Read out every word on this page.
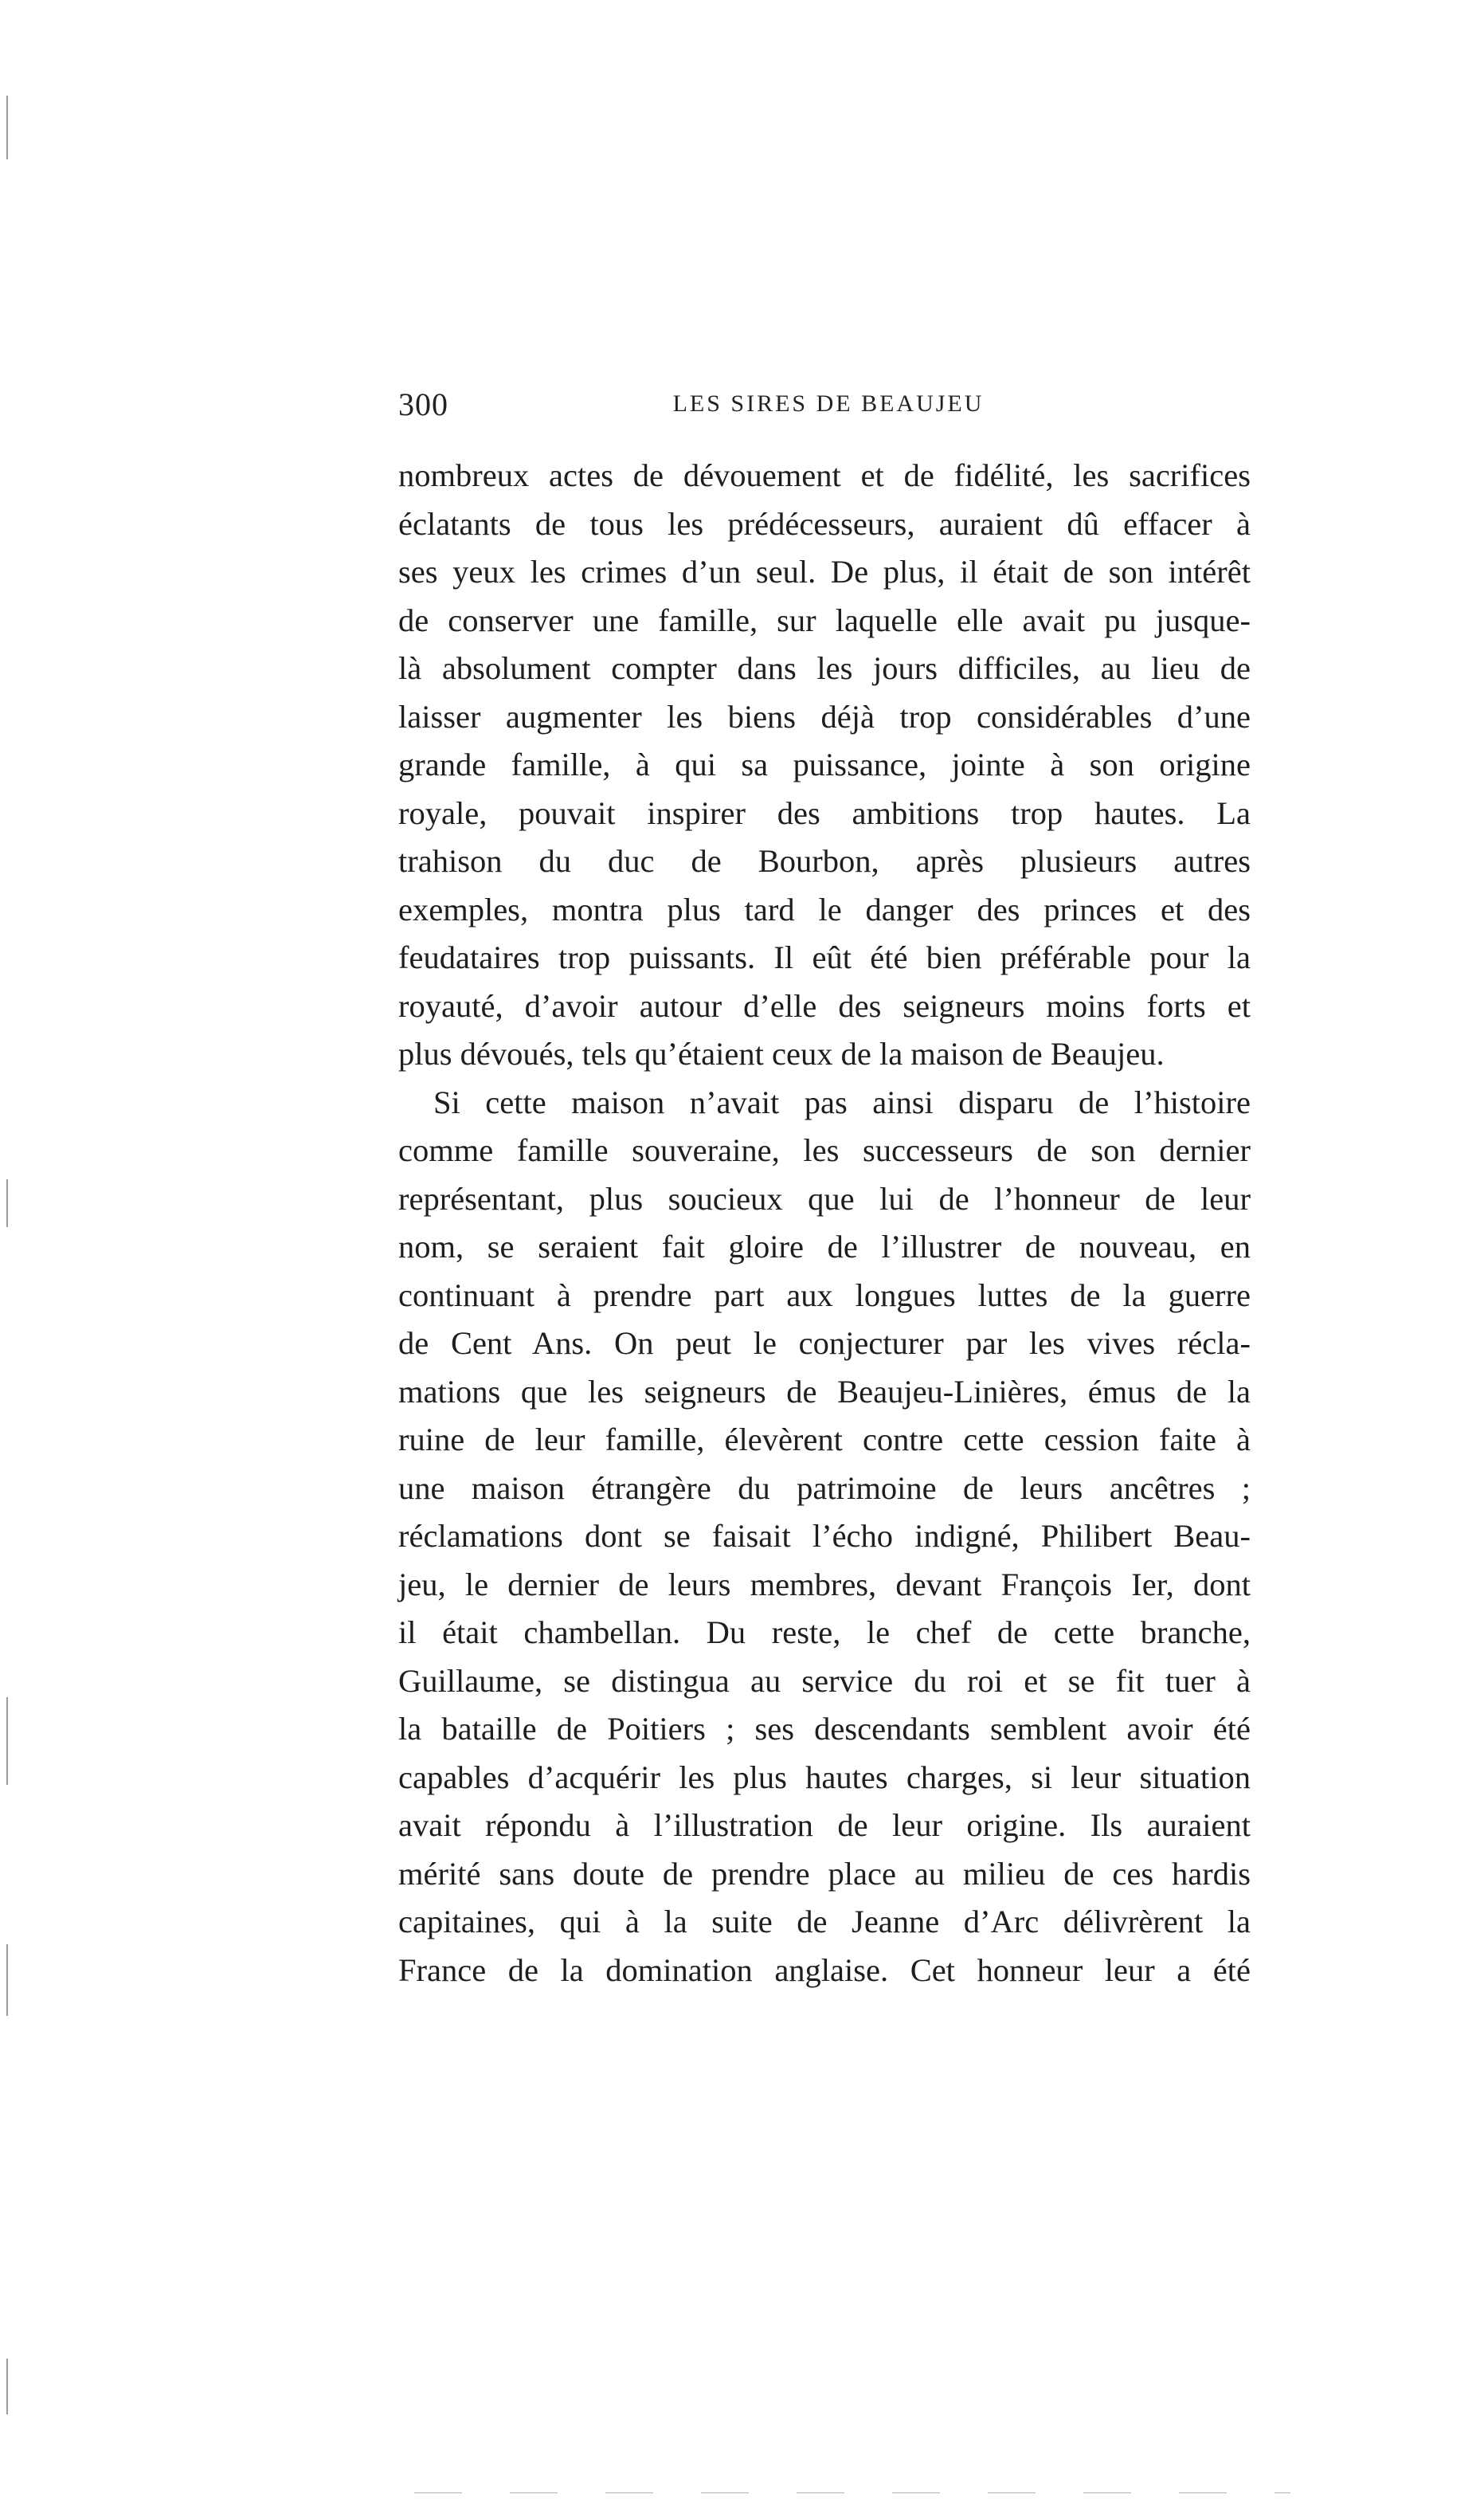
300	LES SIRES DE BEAUJEU
nombreux actes de dévouement et de fidélité, les sacrifices
éclatants de tous les prédécesseurs, auraient dû effacer à
ses yeux les crimes d’un seul. De plus, il était de son intérêt
de conserver une famille, sur laquelle elle avait pu jusque-
là absolument compter dans les jours difficiles, au lieu de
laisser augmenter les biens déjà trop considérables d’une
grande famille, à qui sa puissance, jointe à son origine
royale, pouvait inspirer des ambitions trop hautes. La
trahison du duc de Bourbon, après plusieurs autres
exemples, montra plus tard le danger des princes et des
feudataires trop puissants. Il eût été bien préférable pour la
royauté, d’avoir autour d’elle des seigneurs moins forts et
plus dévoués, tels qu’étaient ceux de la maison de Beaujeu.
Si cette maison n’avait pas ainsi disparu de l’histoire
comme famille souveraine, les successeurs de son dernier
représentant, plus soucieux que lui de l’honneur de leur
nom, se seraient fait gloire de l’illustrer de nouveau, en
continuant à prendre part aux longues luttes de la guerre
de Cent Ans. On peut le conjecturer par les vives récla-
mations que les seigneurs de Beaujeu-Linières, émus de la
ruine de leur famille, élevèrent contre cette cession faite à
une maison étrangère du patrimoine de leurs ancêtres ;
réclamations dont se faisait l’écho indigné, Philibert Beau-
jeu, le dernier de leurs membres, devant François Ier, dont
il était chambellan. Du reste, le chef de cette branche,
Guillaume, se distingua au service du roi et se fit tuer à
la bataille de Poitiers ; ses descendants semblent avoir été
capables d’acquérir les plus hautes charges, si leur situation
avait répondu à l’illustration de leur origine. Ils auraient
mérité sans doute de prendre place au milieu de ces hardis
capitaines, qui à la suite de Jeanne d’Arc délivrèrent la
France de la domination anglaise. Cet honneur leur a été
